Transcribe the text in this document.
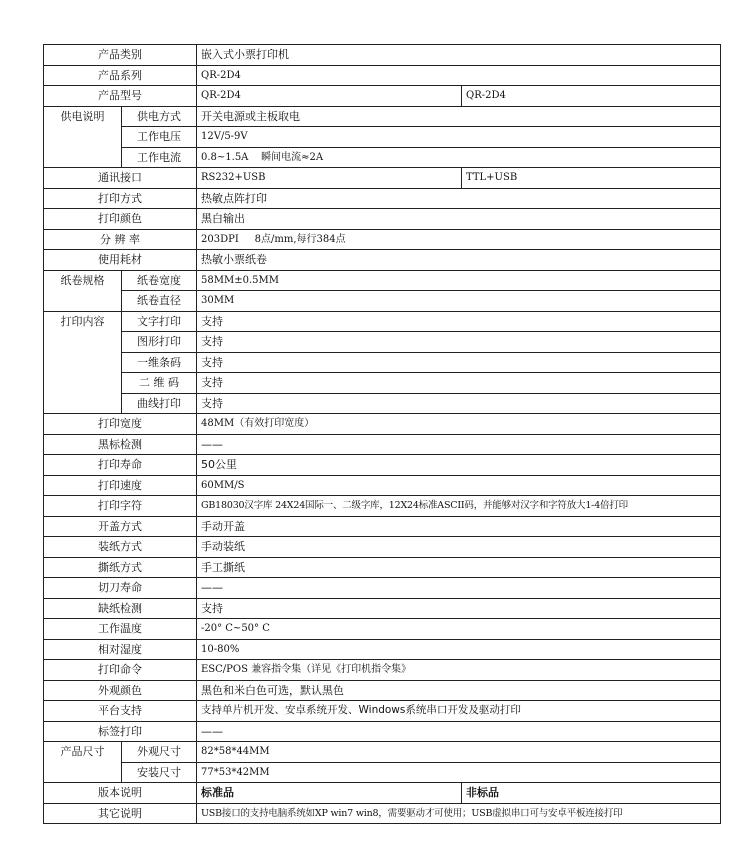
产品类别		嵌入式小票打印机	
产品系列		QR-2D4	
产品型号		QR-2D4	QR-2D4
供电说明	供电方式	开关电源或主板取电	
	工作电压	12V/5-9V	
	工作电流	0.8~1.5A    瞬间电流≈2A	
通讯接口		RS232+USB	TTL+USB
打印方式		热敏点阵打印	
打印颜色		黑白输出	
分 辨 率		203DPI     8点/mm,每行384点	
使用耗材		热敏小票纸卷	
纸卷规格	纸卷宽度	58MM±0.5MM	
	纸卷直径	30MM	
打印内容	文字打印	支持	
	图形打印	支持	
	一维条码	支持	
	二 维 码	支持	
	曲线打印	支持	
打印宽度		48MM（有效打印宽度）	
黑标检测		——	
打印寿命		50公里	
打印速度		60MM/S	
打印字符		GB18030汉字库 24X24国际一、二级字库，12X24标准ASCII码，并能够对汉字和字符放大1-4倍打印	
开盖方式		手动开盖	
装纸方式		手动装纸	
撕纸方式		手工撕纸	
切刀寿命		——	
缺纸检测		支持	
工作温度		-20° C~50° C	
相对湿度		10-80%	
打印命令		ESC/POS 兼容指令集（详见《打印机指令集》	
外观颜色		黑色和米白色可选，默认黑色	
平台支持		支持单片机开发、安卓系统开发、Windows系统串口开发及驱动打印	
标签打印		——	
产品尺寸	外观尺寸	82*58*44MM	
	安装尺寸	77*53*42MM	
版本说明		标准品	非标品
其它说明		USB接口的支持电脑系统如XP win7 win8，需要驱动才可使用；USB虚拟串口可与安卓平板连接打印	
